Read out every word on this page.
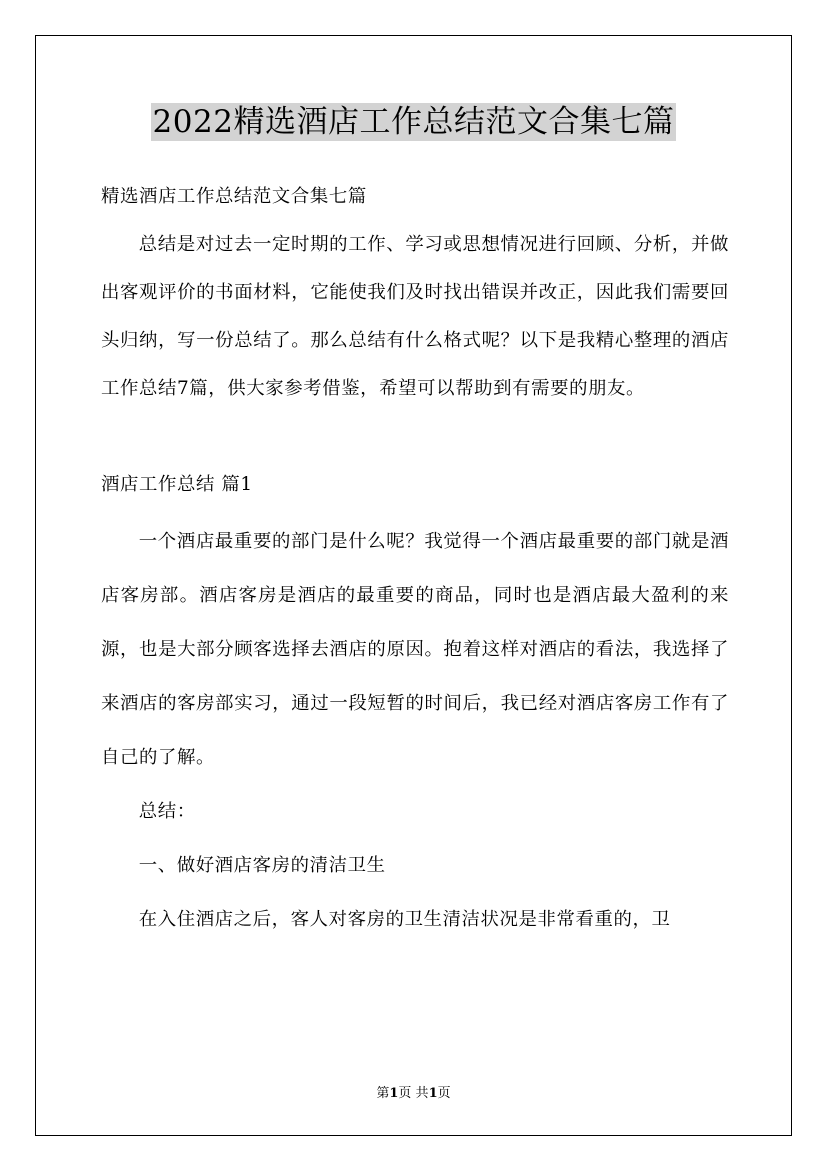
2022精选酒店工作总结范文合集七篇

精选酒店工作总结范文合集七篇

总结是对过去一定时期的工作、学习或思想情况进行回顾、分析，并做出客观评价的书面材料，它能使我们及时找出错误并改正，因此我们需要回头归纳，写一份总结了。那么总结有什么格式呢？以下是我精心整理的酒店工作总结7篇，供大家参考借鉴，希望可以帮助到有需要的朋友。

酒店工作总结 篇1

一个酒店最重要的部门是什么呢？我觉得一个酒店最重要的部门就是酒店客房部。酒店客房是酒店的最重要的商品，同时也是酒店最大盈利的来源，也是大部分顾客选择去酒店的原因。抱着这样对酒店的看法，我选择了来酒店的客房部实习，通过一段短暂的时间后，我已经对酒店客房工作有了自己的了解。

总结：

一、做好酒店客房的清洁卫生

在入住酒店之后，客人对客房的卫生清洁状况是非常看重的，卫

第1页 共1页
